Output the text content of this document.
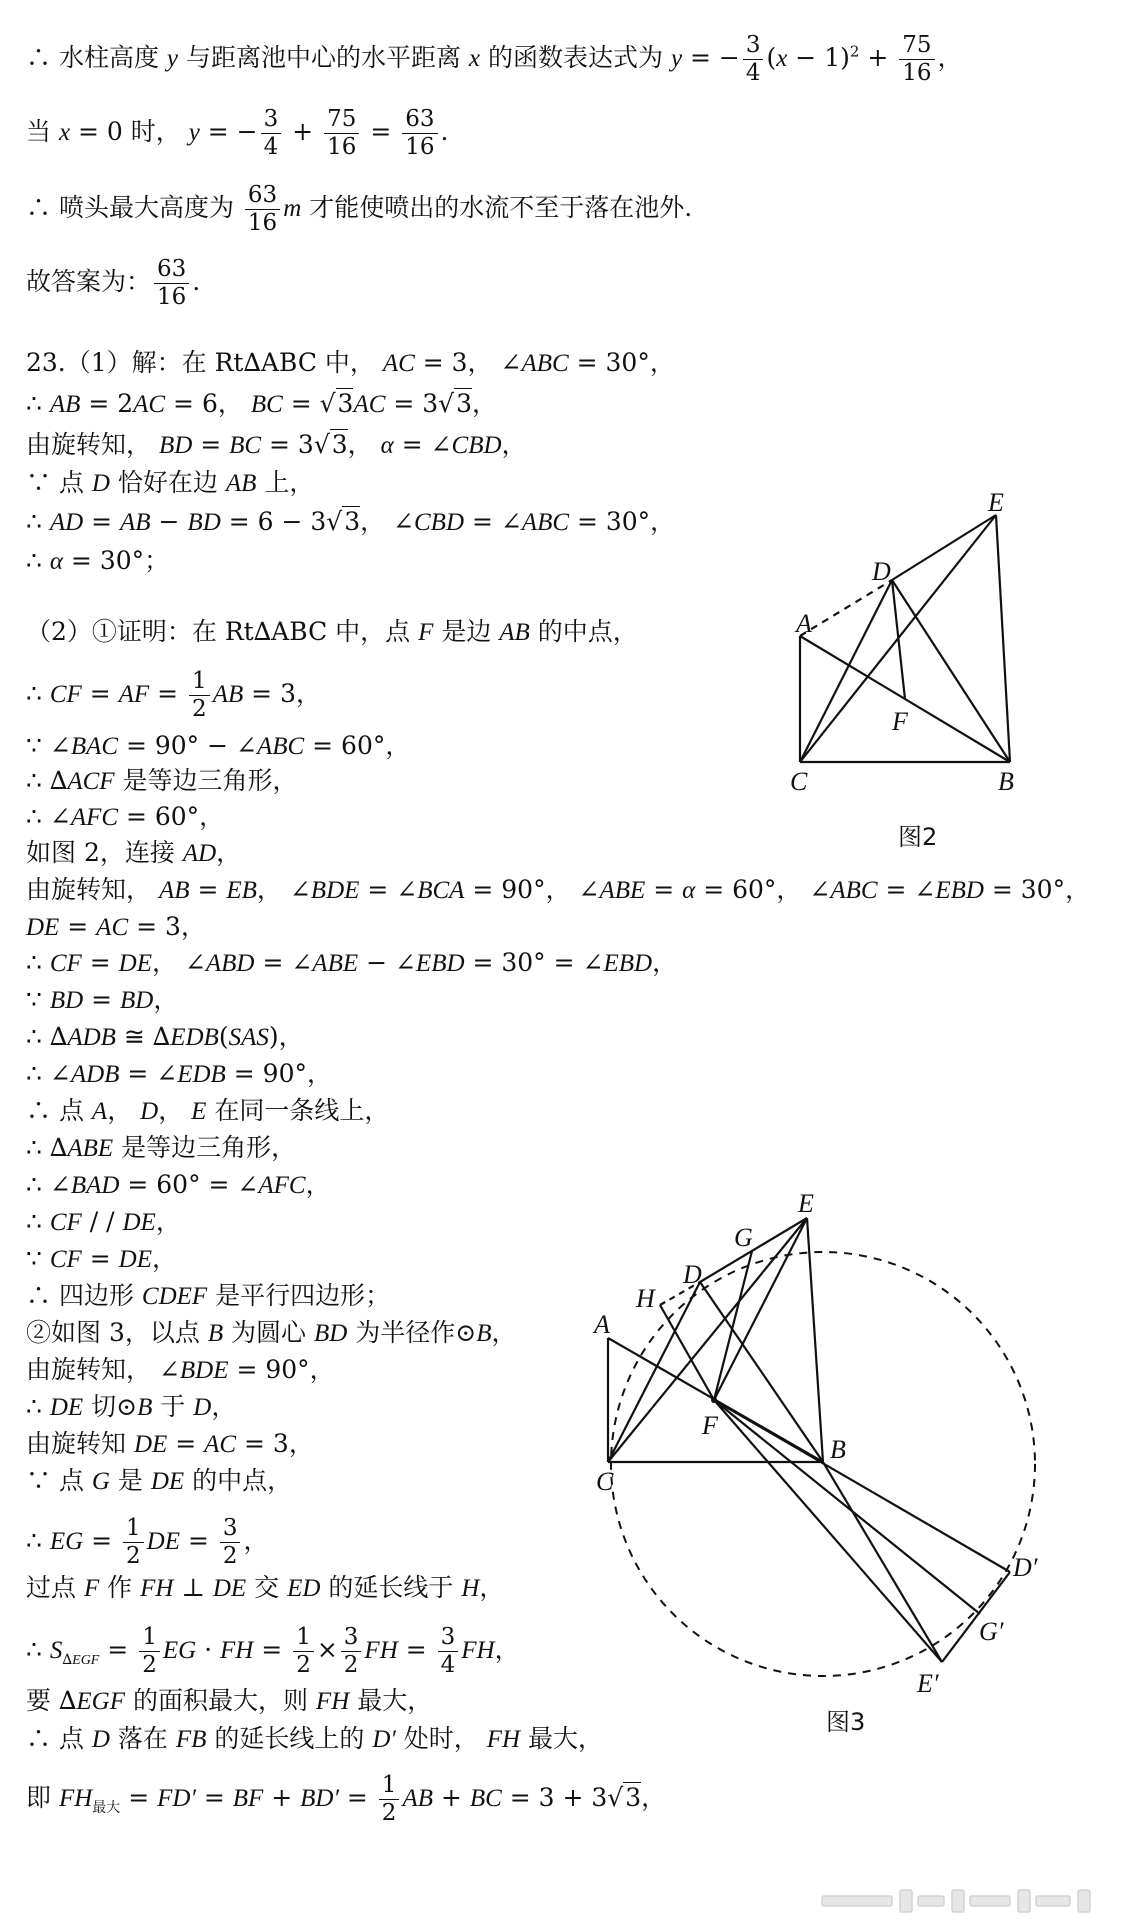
∴ 水柱高度 y 与距离池中心的水平距离 x 的函数表达式为 y = − $\frac{3}{4} (x - 1)^2 + \frac{75}{16}$ ，
当 x = 0 时， y = − $\frac{3}{4} + \frac{75}{16} = \frac{63}{16}$ .
∴ 喷头最大高度为 $\frac{63}{16}$ m 才能使喷出的水流不至于落在池外.
故答案为： $\frac{63}{16}$ .
23.（1）解：在 Rt∆ABC 中， AC = 3， ∠ABC = 30°，
∴ AB = 2AC = 6， BC = √3AC = 3√3，
由旋转知， BD = BC = 3√3， α = ∠CBD，
∵ 点 D 恰好在边 AB 上，
∴ AD = AB − BD = 6 − 3√3， ∠CBD = ∠ABC = 30°，
∴ α = 30°；
（2）①证明：在 Rt∆ABC 中，点 F 是边 AB 的中点，
∴ CF = AF = $\frac{1}{2}$ AB = 3，
∵ ∠BAC = 90° − ∠ABC = 60°，
∴ ∆ACF 是等边三角形，
∴ ∠AFC = 60°，
如图 2，连接 AD，
由旋转知， AB = EB， ∠BDE = ∠BCA = 90°， ∠ABE = α = 60°， ∠ABC = ∠EBD = 30°，
DE = AC = 3，
∴ CF = DE， ∠ABD = ∠ABE − ∠EBD = 30° = ∠EBD，
∵ BD = BD，
∴ ∆ADB ≅ ∆EDB(SAS)，
∴ ∠ADB = ∠EDB = 90°，
∴ 点 A， D， E 在同一条线上，
∴ ∆ABE 是等边三角形，
∴ ∠BAD = 60° = ∠AFC，
∴ CF / / DE，
∵ CF = DE，
∴ 四边形 CDEF 是平行四边形；
②如图 3，以点 B 为圆心 BD 为半径作⊙B，
由旋转知， ∠BDE = 90°，
∴ DE 切⊙B 于 D，
由旋转知 DE = AC = 3，
∵ 点 G 是 DE 的中点，
∴ EG = $\frac{1}{2}$ DE = $\frac{3}{2}$ ，
过点 F 作 FH ⊥ DE 交 ED 的延长线于 H，
∴ $S_{\Delta EGF} = \frac{1}{2}$ EG · FH = $\frac{1}{2} \times \frac{3}{2}$ FH = $\frac{3}{4}$ FH，
要 ∆EGF 的面积最大，则 FH 最大，
∴ 点 D 落在 FB 的延长线上的 D′ 处时， FH 最大，
即 $FH_{最大} = FD'$ = BF + $BD' = \frac{1}{2}$ AB + BC = 3 + 3√3，
A
B
C
D
E
F
图2
A
B
C
D
E
F
G
H
D′
G′
E′
图3
